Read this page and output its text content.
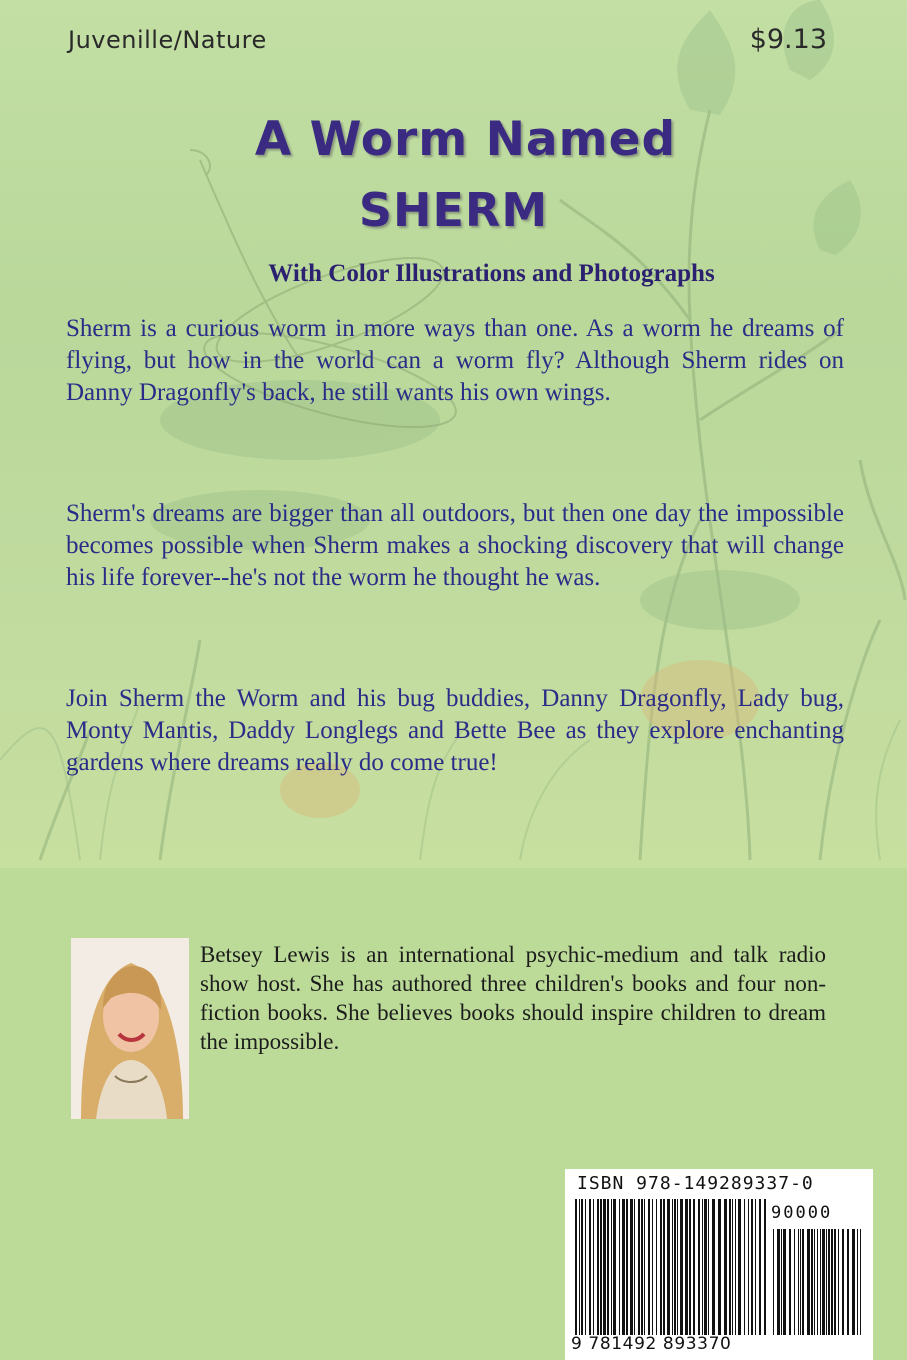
Juvenille/Nature	$9.13
A Worm Named
SHERM
With Color Illustrations and Photographs

Sherm is a curious worm in more ways than one. As a worm he dreams of flying, but how in the world can a worm fly? Although Sherm rides on Danny Dragonfly's back, he still wants his own wings.

Sherm's dreams are bigger than all outdoors, but then one day the impossible becomes possible when Sherm makes a shocking discovery that will change his life forever--he's not the worm he thought he was.

Join Sherm the Worm and his bug buddies, Danny Dragonfly, Lady bug, Monty Mantis, Daddy Longlegs and Bette Bee as they explore enchanting gardens where dreams really do come true!

Betsey Lewis is an international psychic-medium and talk radio show host. She has authored three children's books and four non-fiction books. She believes books should inspire children to dream the impossible.

ISBN 978-149289337-0
90000
9 781492 893370
